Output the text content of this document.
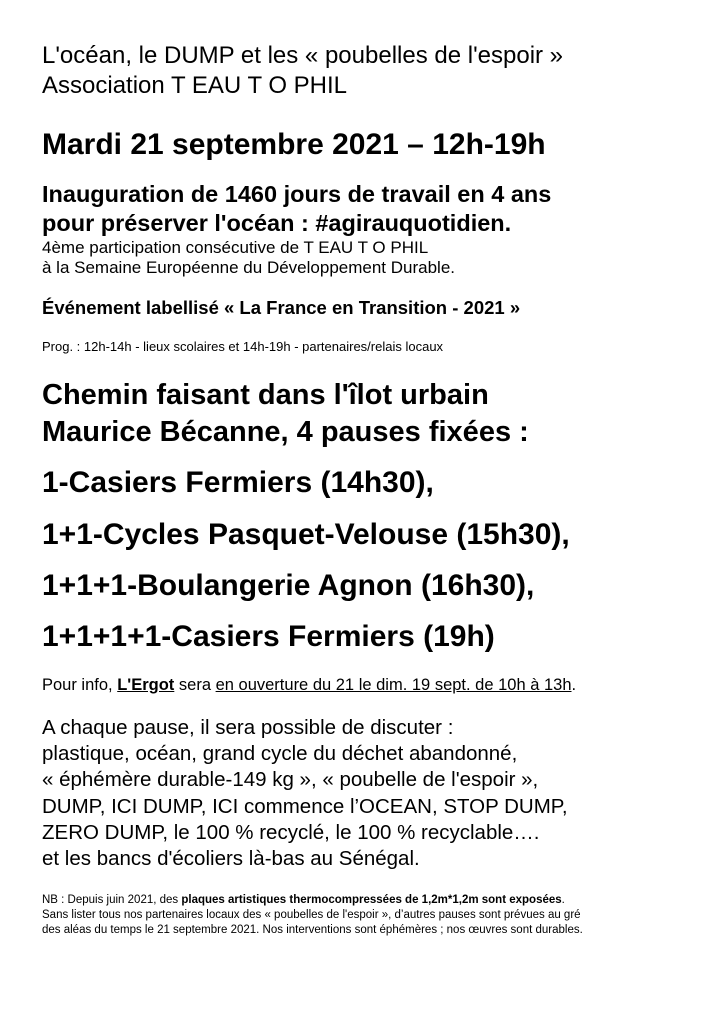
L'océan, le DUMP et les « poubelles de l'espoir »

Association T EAU T O PHIL

Mardi 21 septembre 2021 – 12h-19h

Inauguration de 1460 jours de travail en 4 ans

pour préserver l'océan : #agirauquotidien.

4ème participation consécutive de T EAU T O PHIL

à la Semaine Européenne du Développement Durable.

Événement labellisé « La France en Transition - 2021 »

Prog. : 12h-14h - lieux scolaires et 14h-19h - partenaires/relais locaux

Chemin faisant dans l'îlot urbain

Maurice Bécanne, 4 pauses fixées :

1-Casiers Fermiers (14h30),

1+1-Cycles Pasquet-Velouse (15h30),

1+1+1-Boulangerie Agnon (16h30),

1+1+1+1-Casiers Fermiers (19h)

Pour info, L'Ergot sera en ouverture du 21 le dim. 19 sept. de 10h à 13h.

A chaque pause, il sera possible de discuter :

plastique, océan, grand cycle du déchet abandonné,

« éphémère durable-149 kg », « poubelle de l'espoir »,

DUMP, ICI DUMP, ICI commence l’OCEAN, STOP DUMP,

ZERO DUMP, le 100 % recyclé, le 100 % recyclable….

et les bancs d'écoliers là-bas au Sénégal.

NB : Depuis juin 2021, des plaques artistiques thermocompressées de 1,2m*1,2m sont exposées.

Sans lister tous nos partenaires locaux des « poubelles de l'espoir », d’autres pauses sont prévues au gré

des aléas du temps le 21 septembre 2021. Nos interventions sont éphémères ; nos œuvres sont durables.
